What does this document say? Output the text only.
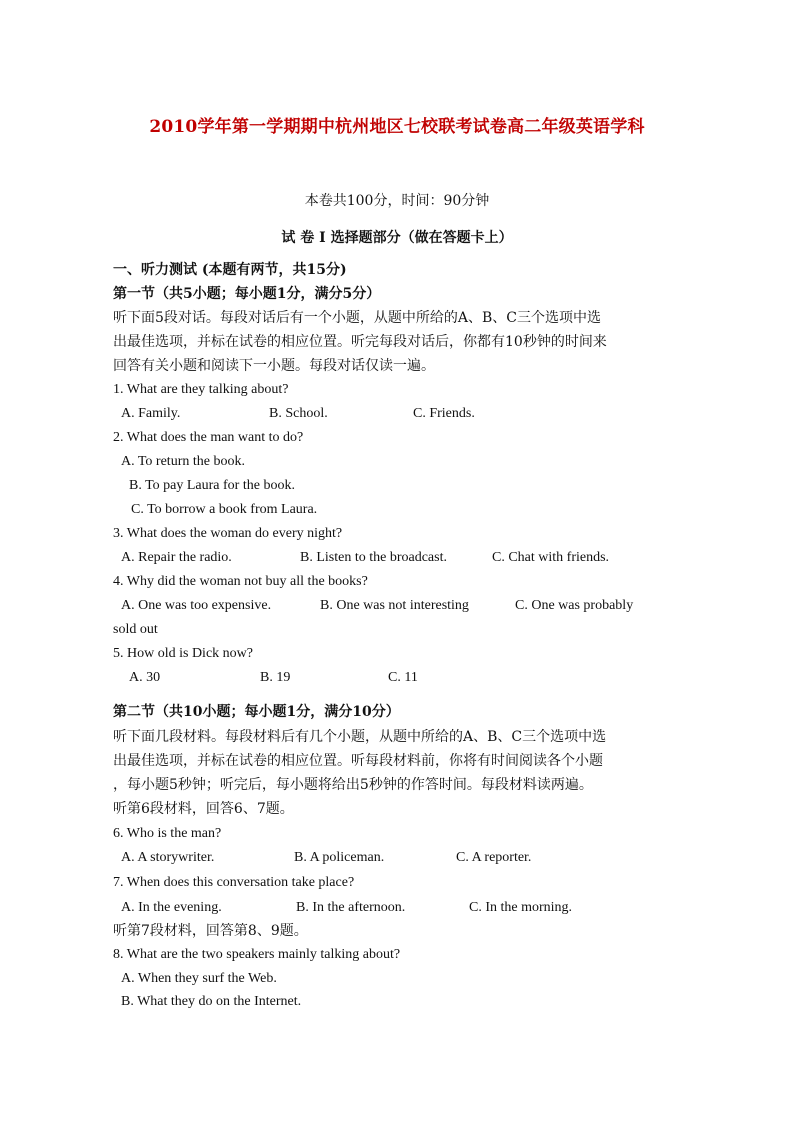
2010学年第一学期期中杭州地区七校联考试卷高二年级英语学科
本卷共100分，时间：90分钟
试 卷 I 选择题部分（做在答题卡上）
一、听力测试 (本题有两节，共15分)
第一节（共5小题；每小题1分，满分5分）
听下面5段对话。每段对话后有一个小题，从题中所给的A、B、C三个选项中选
出最佳选项，并标在试卷的相应位置。听完每段对话后，你都有10秒钟的时间来
回答有关小题和阅读下一小题。每段对话仅读一遍。
1. What are they talking about?
A. Family.	B. School.	C. Friends.
2. What does the man want to do?
A. To return the book.
B. To pay Laura for the book.
C. To borrow a book from Laura.
3. What does the woman do every night?
A. Repair the radio.	B. Listen to the broadcast.	C. Chat with friends.
4. Why did the woman not buy all the books?
A. One was too expensive.	B. One was not interesting	C. One was probably
sold out
5. How old is Dick now?
A. 30	B. 19	C. 11
第二节（共10小题；每小题1分，满分10分）
听下面几段材料。每段材料后有几个小题，从题中所给的A、B、C三个选项中选
出最佳选项，并标在试卷的相应位置。听每段材料前，你将有时间阅读各个小题
，每小题5秒钟；听完后，每小题将给出5秒钟的作答时间。每段材料读两遍。
听第6段材料，回答6、7题。
6. Who is the man?
A. A storywriter.	B. A policeman.	C. A reporter.
7. When does this conversation take place?
A. In the evening.	B. In the afternoon.	C. In the morning.
听第7段材料，回答第8、9题。
8. What are the two speakers mainly talking about?
A. When they surf the Web.
B. What they do on the Internet.
